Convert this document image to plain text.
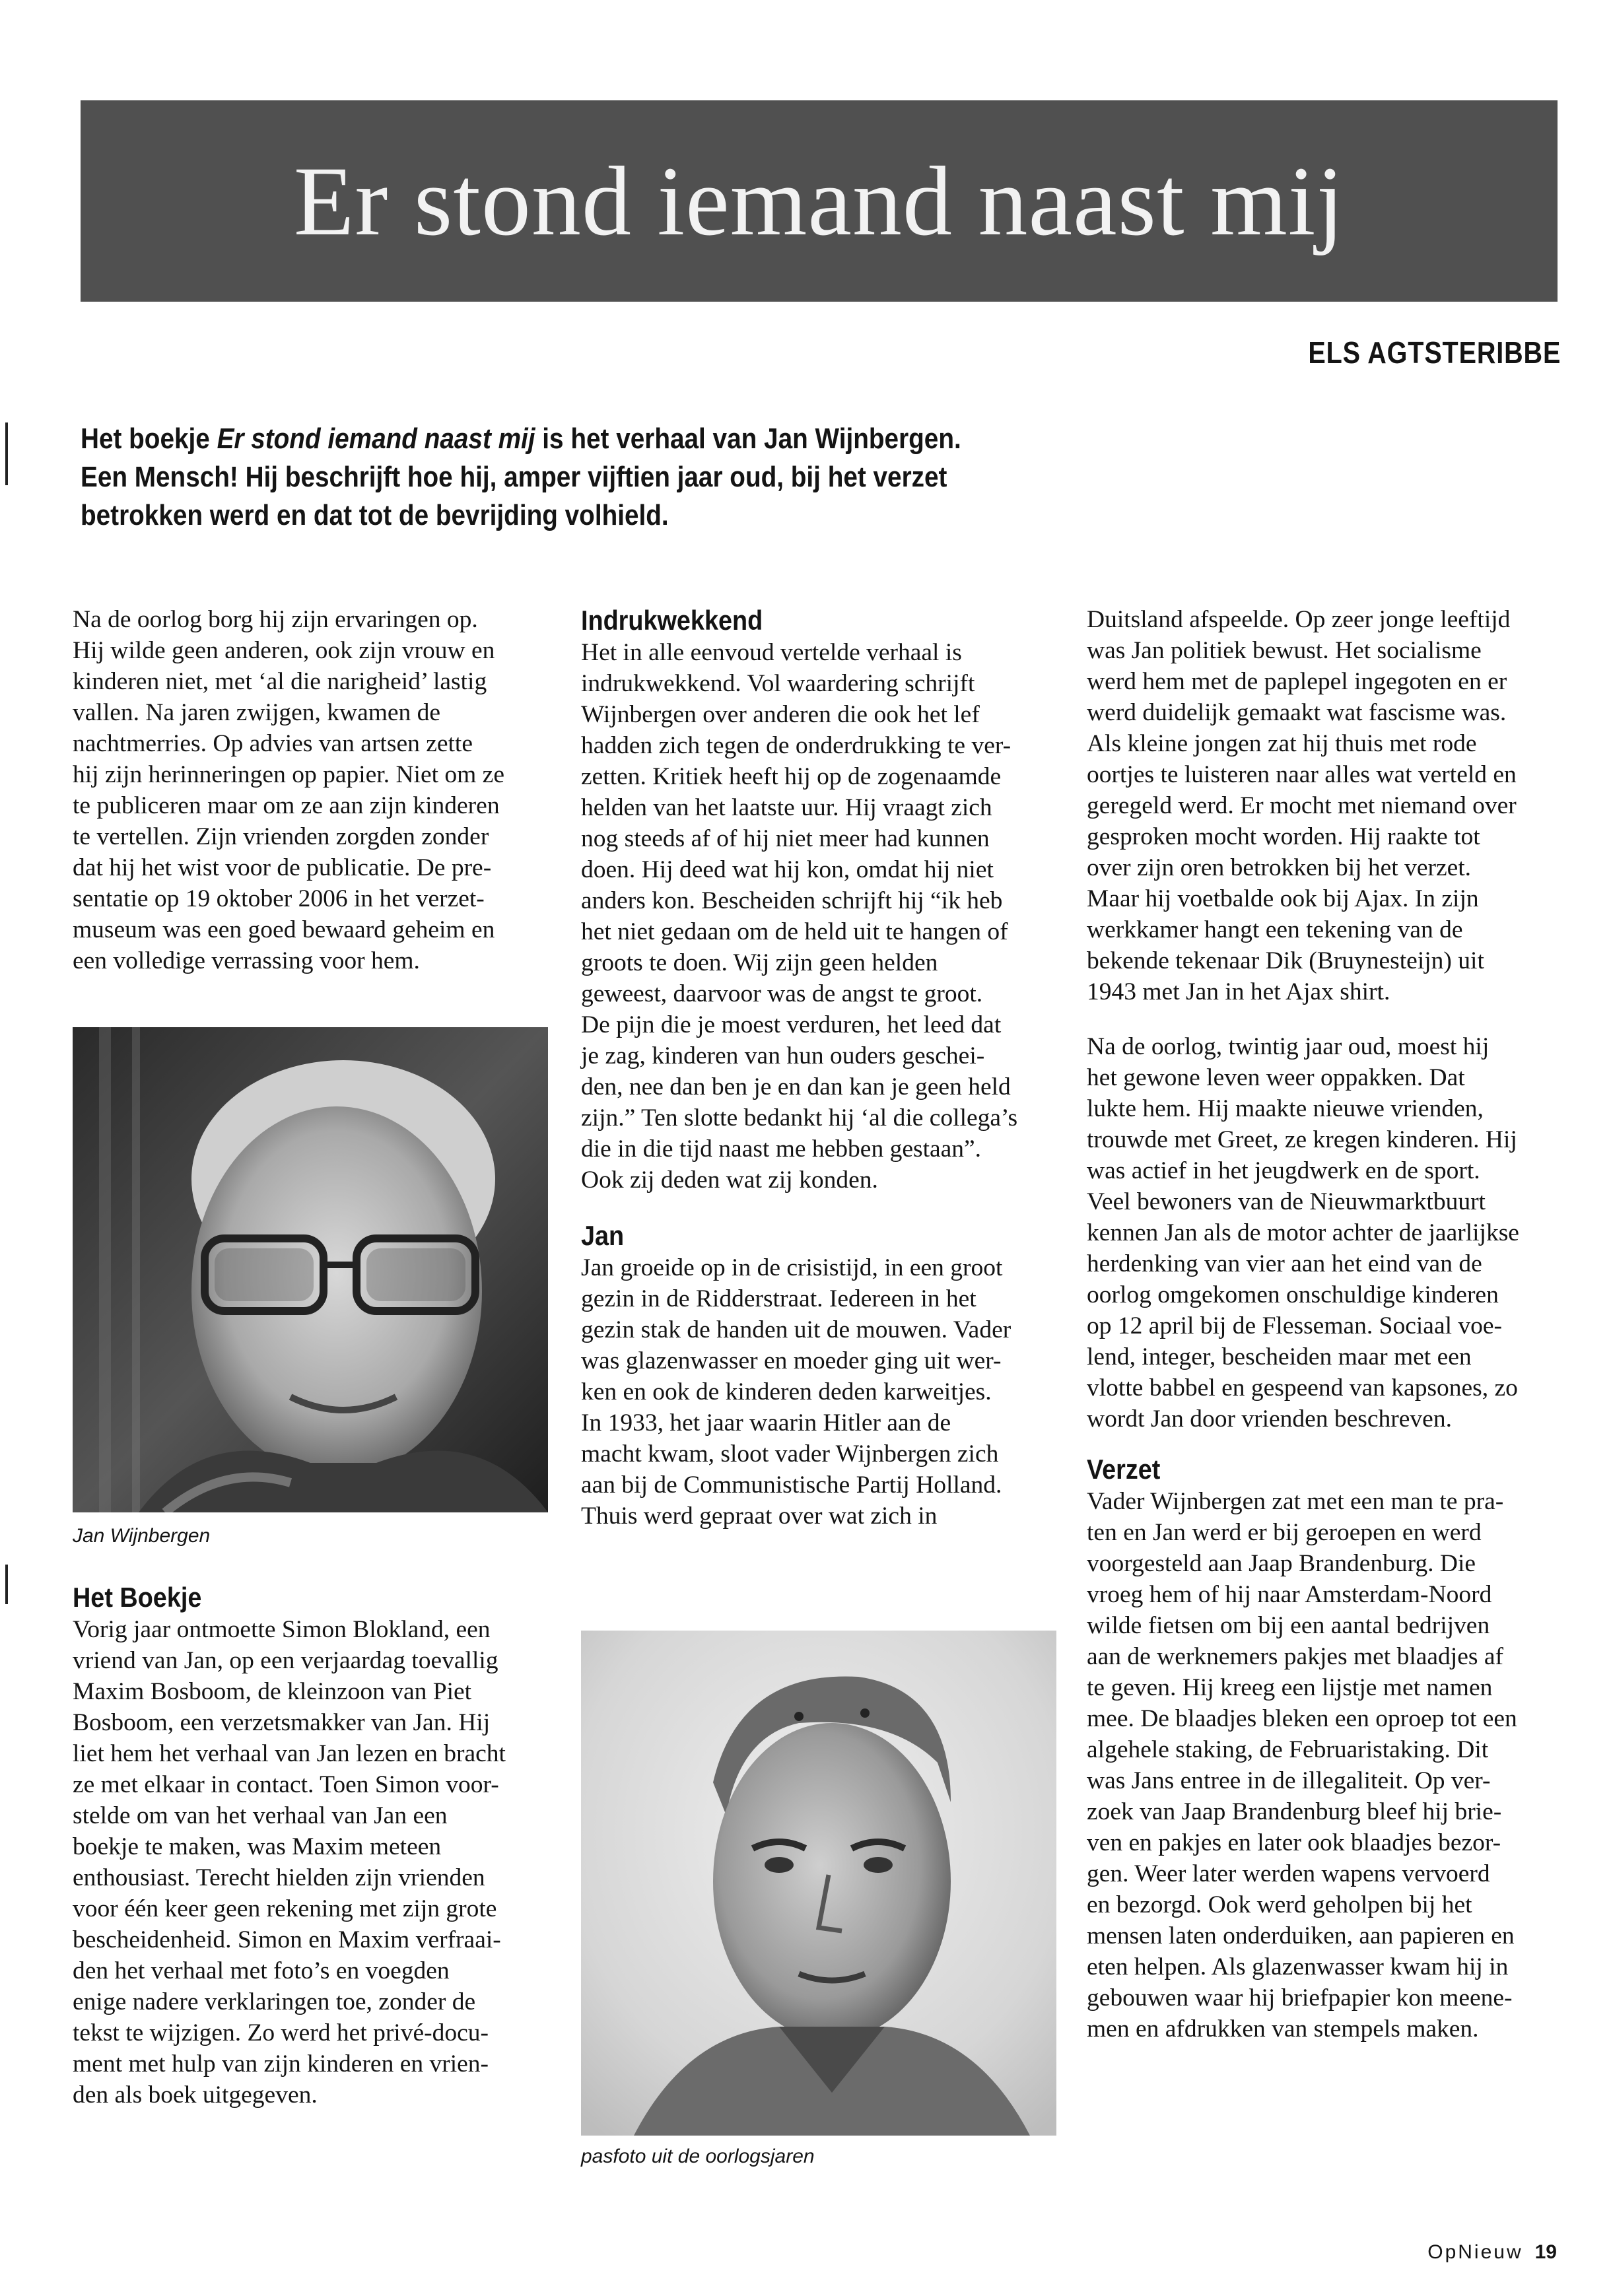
Er stond iemand naast mij
ELS AGTSTERIBBE
Het boekje Er stond iemand naast mij is het verhaal van Jan Wijnbergen.
Een Mensch! Hij beschrijft hoe hij, amper vijftien jaar oud, bij het verzet
betrokken werd en dat tot de bevrijding volhield.

Na de oorlog borg hij zijn ervaringen op.
Hij wilde geen anderen, ook zijn vrouw en
kinderen niet, met ‘al die narigheid’ lastig
vallen. Na jaren zwijgen, kwamen de
nachtmerries. Op advies van artsen zette
hij zijn herinneringen op papier. Niet om ze
te publiceren maar om ze aan zijn kinderen
te vertellen. Zijn vrienden zorgden zonder
dat hij het wist voor de publicatie. De pre-
sentatie op 19 oktober 2006 in het verzet-
museum was een goed bewaard geheim en
een volledige verrassing voor hem.

Jan Wijnbergen
Het Boekje

Vorig jaar ontmoette Simon Blokland, een
vriend van Jan, op een verjaardag toevallig
Maxim Bosboom, de kleinzoon van Piet
Bosboom, een verzetsmakker van Jan. Hij
liet hem het verhaal van Jan lezen en bracht
ze met elkaar in contact. Toen Simon voor-
stelde om van het verhaal van Jan een
boekje te maken, was Maxim meteen
enthousiast. Terecht hielden zijn vrienden
voor één keer geen rekening met zijn grote
bescheidenheid. Simon en Maxim verfraai-
den het verhaal met foto’s en voegden
enige nadere verklaringen toe, zonder de
tekst te wijzigen. Zo werd het privé-docu-
ment met hulp van zijn kinderen en vrien-
den als boek uitgegeven.

Indrukwekkend

Het in alle eenvoud vertelde verhaal is
indrukwekkend. Vol waardering schrijft
Wijnbergen over anderen die ook het lef
hadden zich tegen de onderdrukking te ver-
zetten. Kritiek heeft hij op de zogenaamde
helden van het laatste uur. Hij vraagt zich
nog steeds af of hij niet meer had kunnen
doen. Hij deed wat hij kon, omdat hij niet
anders kon. Bescheiden schrijft hij “ik heb
het niet gedaan om de held uit te hangen of
groots te doen. Wij zijn geen helden
geweest, daarvoor was de angst te groot.
De pijn die je moest verduren, het leed dat
je zag, kinderen van hun ouders geschei-
den, nee dan ben je en dan kan je geen held
zijn.” Ten slotte bedankt hij ‘al die collega’s
die in die tijd naast me hebben gestaan”.
Ook zij deden wat zij konden.

Jan

Jan groeide op in de crisistijd, in een groot
gezin in de Ridderstraat. Iedereen in het
gezin stak de handen uit de mouwen. Vader
was glazenwasser en moeder ging uit wer-
ken en ook de kinderen deden karweitjes.
In 1933, het jaar waarin Hitler aan de
macht kwam, sloot vader Wijnbergen zich
aan bij de Communistische Partij Holland.
Thuis werd gepraat over wat zich in

pasfoto uit de oorlogsjaren

Duitsland afspeelde. Op zeer jonge leeftijd
was Jan politiek bewust. Het socialisme
werd hem met de paplepel ingegoten en er
werd duidelijk gemaakt wat fascisme was.
Als kleine jongen zat hij thuis met rode
oortjes te luisteren naar alles wat verteld en
geregeld werd. Er mocht met niemand over
gesproken mocht worden. Hij raakte tot
over zijn oren betrokken bij het verzet.
Maar hij voetbalde ook bij Ajax. In zijn
werkkamer hangt een tekening van de
bekende tekenaar Dik (Bruynesteijn) uit
1943 met Jan in het Ajax shirt.

Na de oorlog, twintig jaar oud, moest hij
het gewone leven weer oppakken. Dat
lukte hem. Hij maakte nieuwe vrienden,
trouwde met Greet, ze kregen kinderen. Hij
was actief in het jeugdwerk en de sport.
Veel bewoners van de Nieuwmarktbuurt
kennen Jan als de motor achter de jaarlijkse
herdenking van vier aan het eind van de
oorlog omgekomen onschuldige kinderen
op 12 april bij de Flesseman. Sociaal voe-
lend, integer, bescheiden maar met een
vlotte babbel en gespeend van kapsones, zo
wordt Jan door vrienden beschreven.

Verzet

Vader Wijnbergen zat met een man te pra-
ten en Jan werd er bij geroepen en werd
voorgesteld aan Jaap Brandenburg. Die
vroeg hem of hij naar Amsterdam-Noord
wilde fietsen om bij een aantal bedrijven
aan de werknemers pakjes met blaadjes af
te geven. Hij kreeg een lijstje met namen
mee. De blaadjes bleken een oproep tot een
algehele staking, de Februaristaking. Dit
was Jans entree in de illegaliteit. Op ver-
zoek van Jaap Brandenburg bleef hij brie-
ven en pakjes en later ook blaadjes bezor-
gen. Weer later werden wapens vervoerd
en bezorgd. Ook werd geholpen bij het
mensen laten onderduiken, aan papieren en
eten helpen. Als glazenwasser kwam hij in
gebouwen waar hij briefpapier kon meene-
men en afdrukken van stempels maken.

OpNieuw 19
